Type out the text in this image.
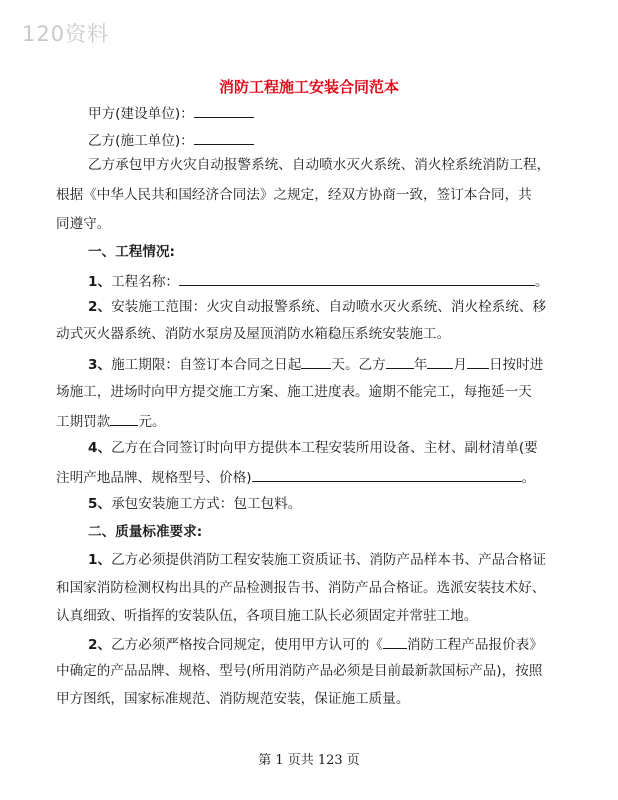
120资料
消防工程施工安装合同范本
甲方(建设单位)：
乙方(施工单位)：
乙方承包甲方火灾自动报警系统、自动喷水灭火系统、消火栓系统消防工程，
根据《中华人民共和国经济合同法》之规定，经双方协商一致，签订本合同，共
同遵守。
一、工程情况:
1、工程名称：	。
2、安装施工范围：火灾自动报警系统、自动喷水灭火系统、消火栓系统、移
动式灭火器系统、消防水泵房及屋顶消防水箱稳压系统安装施工。
3、施工期限：自签订本合同之日起 天。乙方 年 月 日按时进
场施工，进场时向甲方提交施工方案、施工进度表。逾期不能完工，每拖延一天
工期罚款 元。
4、乙方在合同签订时向甲方提供本工程安装所用设备、主材、副材清单(要
注明产地品牌、规格型号、价格)	。
5、承包安装施工方式：包工包料。
二、质量标准要求:
1、乙方必须提供消防工程安装施工资质证书、消防产品样本书、产品合格证
和国家消防检测权构出具的产品检测报告书、消防产品合格证。选派安装技术好、
认真细致、听指挥的安装队伍，各项目施工队长必须固定并常驻工地。
2、乙方必须严格按合同规定，使用甲方认可的《 消防工程产品报价表》
中确定的产品品牌、规格、型号(所用消防产品必须是目前最新款国标产品)，按照
甲方图纸，国家标准规范、消防规范安装，保证施工质量。
第 1 页共 123 页
